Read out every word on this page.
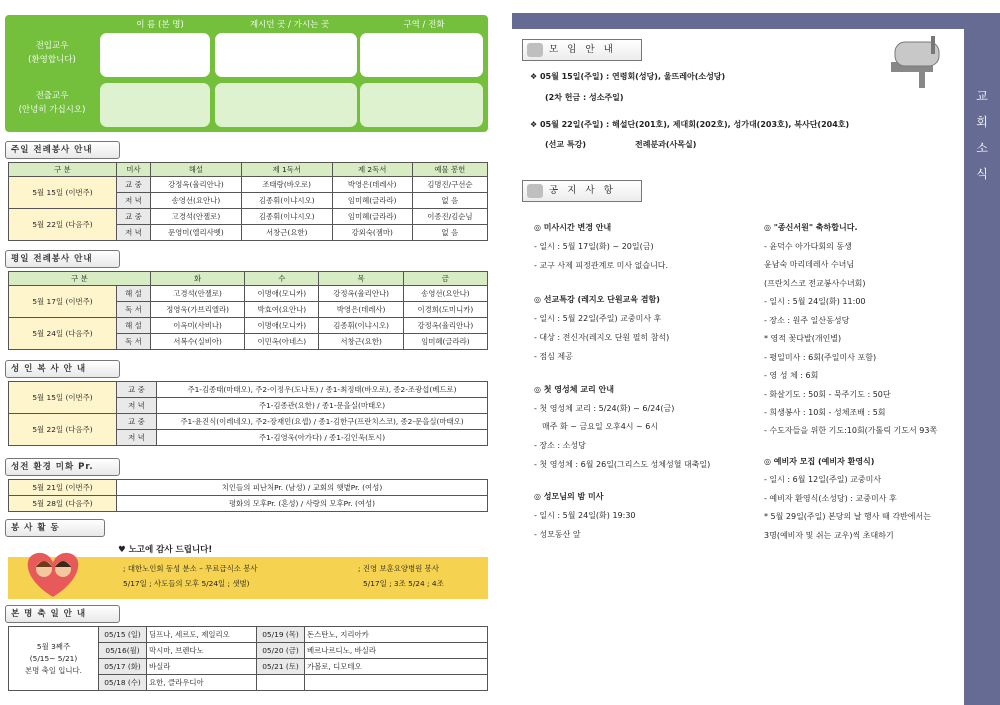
이 름 (본 명)	계시던 곳 / 가시는 곳	구역 / 전화
전입교우
(환영합니다)
전출교우
(안녕히 가십시오)
주일 전례봉사 안내
구 분	미사	해설	제 1독서	제 2독서	예물 봉헌
5월 15일 (이번주)	교 중	강정옥(율리안나)	조태랑(바오로)	박영은(데레사)	김명진/구선순
	저 녁	송영선(요안나)	김종휘(이냐시오)	임미혜(글라라)	없 음
5월 22일 (다음주)	교 중	고경석(안젤로)	김종휘(이냐시오)	임미혜(글라라)	이종진/김순님
	저 녁	문영미(엘리사벳)	서창근(요한)	강외숙(젬마)	없 음
평일 전례봉사 안내
구 분		화	수	목	금
5월 17일 (이번주)	해 설	고경석(안젤로)	이명애(모니카)	강정옥(율리안나)	송영선(요안나)
	독 서	정영욱(가브리엘라)	박효여(요안나)	박영은(데레사)	이경희(도미니카)
5월 24일 (다음주)	해 설	이옥미(사비나)	이명애(모니카)	김종휘(이냐시오)	강정옥(율리안나)
	독 서	서복수(실비아)	이민옥(아네스)	서창근(요한)	임미혜(글라라)
성 인 복 사 안 내
5월 15일 (이번주)	교 중	주1-김종태(마태오), 주2-이정우(도나토) / 종1-최정태(바오로), 종2-조광섭(베드로)
	저 녁	주1-김종관(요한) / 종1-문을실(마태오)
5월 22일 (다음주)	교 중	주1-윤진식(이레네오), 주2-장재민(요셉) / 종1-김한구(프란치스코), 종2-문을실(마태오)
	저 녁	주1-김영욱(아가다) / 종1-김인욱(토시)
성전 환경 미화 Pr.
5월 21일 (이번주)	치인들의 피난처Pr. (남성) / 교회의 햇볕Pr. (여성)
5월 28일 (다음주)	평화의 모후Pr. (혼성) / 사랑의 모후Pr. (여성)
봉 사 활 동
♥ 노고에 감사 드립니다!
; 대한노인회 동성 분소 – 무료급식소 봉사	; 진영 보훈요양병원 봉사
5/17일 ; 사도들의 모후 5/24일 ; 샛별)	5/17일 ; 3조 5/24 ; 4조
본 명 축 일 안 내
5월 3째주
(5/15~ 5/21)
본명 축일 입니다.	05/15 (일)	딤프나, 세르도, 제일리오	05/19 (목)	돈스탄노, 지리아카
	05/16(월)	막시마, 브렌다노	05/20 (금)	베르나르디노, 바실라
	05/17 (화)	바실라	05/21 (토)	가볼로, 디모테오
	05/18 (수)	요한, 클라우디아		
교
회
소
식
모 임 안 내
❖ 05월 15일(주일) : 연령회(성당), 울뜨레아(소성당)
(2차 헌금 : 성소주일)
❖ 05월 22일(주일) : 해설단(201호), 제대회(202호), 성가대(203호), 복사단(204호)
(선교 특강)	전례분과(사목실)
공 지 사 항
◎ 미사시간 변경 안내
- 일시 : 5월 17일(화) ~ 20일(금)
- 교구 사제 피정관계로 미사 없습니다.
◎ 선교특강 (레지오 단원교육 겸함)
- 일시 : 5월 22일(주일) 교중미사 후
- 대상 : 전신자(레지오 단원 필히 참석)
- 점심 제공
◎ 첫 영성체 교리 안내
- 첫 영성체 교리 : 5/24(화) ~ 6/24(금)
매주 화 ~ 금요일 오후4시 ~ 6시
- 장소 : 소성당
- 첫 영성체 : 6월 26일(그리스도 성체성혈 대축일)
◎ 성모님의 밤 미사
- 일시 : 5월 24일(화) 19:30
- 성모동산 앞
◎ "종신서원" 축하합니다.
- 윤덕수 아가다회의 동생
윤남숙 마리데레사 수녀님
(프란치스코 전교봉사수녀회)
- 일시 : 5월 24일(화) 11:00
- 장소 : 원주 일산동성당
* 영적 꽃다발(개인별)
- 평일미사 : 6회(주일미사 포함)
- 영 성 체 : 6회
- 화살기도 : 50회 - 묵주기도 : 50단
- 희생봉사 : 10회 - 성체조배 : 5회
- 수도자들을 위한 기도:10회(가톨릭 기도서 93쪽
◎ 예비자 모집 (예비자 환영식)
- 일시 : 6월 12일(주일) 교중미사
- 예비자 환영식(소성당) : 교중미사 후
* 5월 29일(주일) 본당의 날 행사 때 각반에서는
3명(예비자 및 쉬는 교우)씩 초대하기
